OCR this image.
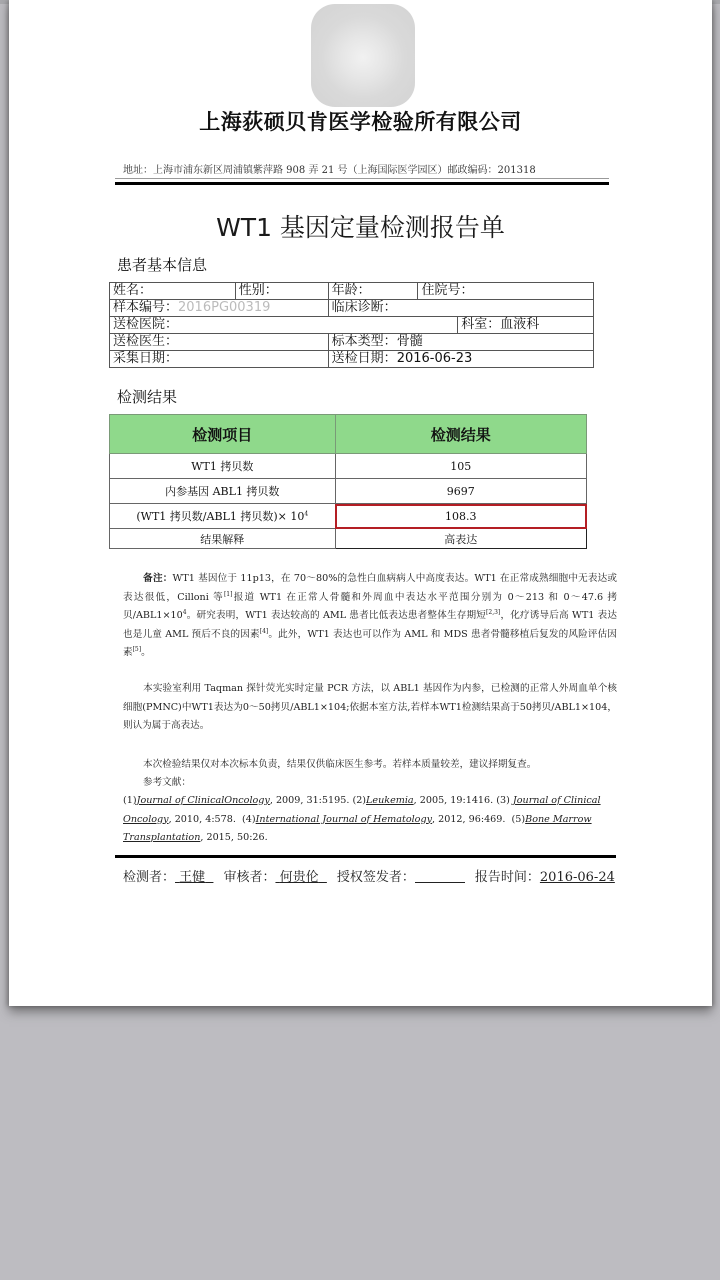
上海荻硕贝肯医学检验所有限公司
地址：上海市浦东新区周浦镇紫萍路 908 弄 21 号（上海国际医学园区）邮政编码：201318
WT1 基因定量检测报告单
患者基本信息
姓名：	性别：	年龄：	住院号：	
样本编号：2016PG00319		临床诊断：		
送检医院：				科室：血液科
送检医生：		标本类型：骨髓		
采集日期：		送检日期：2016-06-23		
检测结果
检测项目	检测结果
WT1 拷贝数	105
内参基因 ABL1 拷贝数	9697
(WT1 拷贝数/ABL1 拷贝数)× $10^4$	108.3
结果解释	高表达
备注：WT1 基因位于 11p13，在 70～80%的急性白血病病人中高度表达。WT1 在正常成熟细胞中无表达或表达很低，Cilloni 等[1]报道 WT1 在正常人骨髓和外周血中表达水平范围分别为 0～213 和 0～47.6 拷贝$/ABL1\times 10^4$。研究表明，WT1 表达较高的 AML 患者比低表达患者整体生存期短[2,3]，化疗诱导后高 WT1 表达也是儿童 AML 预后不良的因素[4]。此外，WT1 表达也可以作为 AML 和 MDS 患者骨髓移植后复发的风险评估因素[5]。
本实验室利用 Taqman 探针荧光实时定量 PCR 方法，以 ABL1 基因作为内参，已检测的正常人外周血单个核细胞(PMNC)中WT1表达为0～50拷贝/ABL1×104;依据本室方法,若样本WT1检测结果高于50拷贝/ABL1×104，则认为属于高表达。
本次检验结果仅对本次标本负责，结果仅供临床医生参考。若样本质量较差，建议择期复查。
参考文献：
(1)Journal of ClinicalOncology, 2009, 31:5195. (2)Leukemia, 2005, 19:1416. (3) Journal of Clinical Oncology, 2010, 4:578. (4)International Journal of Hematology, 2012, 96:469. (5)Bone Marrow Transplantation, 2015, 50:26.
检测者： 王健 审核者： 何贵伦 授权签发者：	报告时间：2016-06-24
